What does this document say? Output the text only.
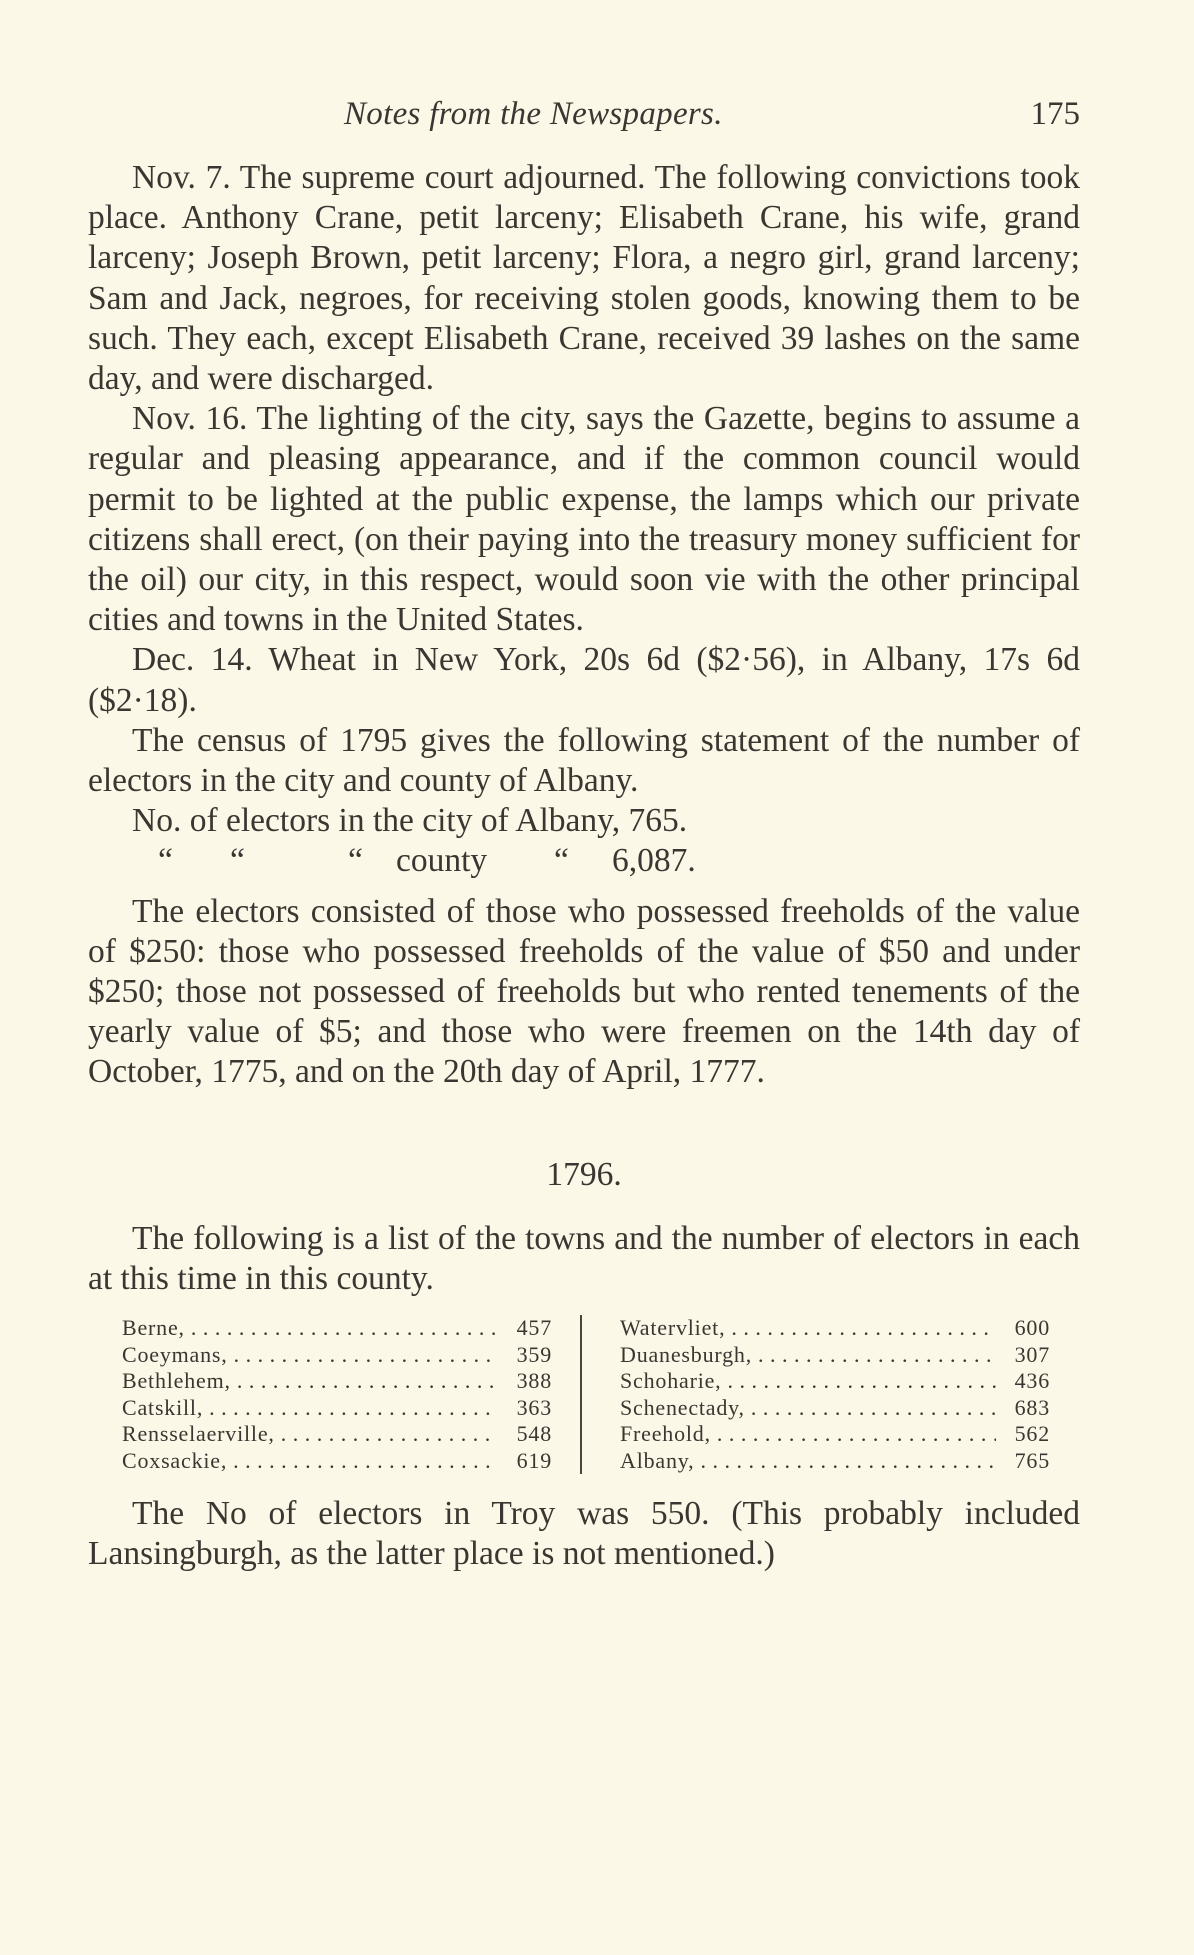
Notes from the Newspapers.	175

Nov. 7. The supreme court adjourned. The following convictions took place. Anthony Crane, petit larceny; Elisabeth Crane, his wife, grand larceny; Joseph Brown, petit larceny; Flora, a negro girl, grand larceny; Sam and Jack, negroes, for receiving stolen goods, knowing them to be such. They each, except Elisabeth Crane, received 39 lashes on the same day, and were discharged.

Nov. 16. The lighting of the city, says the Gazette, begins to assume a regular and pleasing appearance, and if the common council would permit to be lighted at the public expense, the lamps which our private citizens shall erect, (on their paying into the treasury money sufficient for the oil) our city, in this respect, would soon vie with the other principal cities and towns in the United States.

Dec. 14. Wheat in New York, 20s 6d ($2·56), in Albany, 17s 6d ($2·18).

The census of 1795 gives the following statement of the number of electors in the city and county of Albany.

No. of electors in the city of Albany, 765.

“	“	“ county	“	6,087.

The electors consisted of those who possessed freeholds of the value of $250: those who possessed freeholds of the value of $50 and under $250; those not possessed of freeholds but who rented tenements of the yearly value of $5; and those who were freemen on the 14th day of October, 1775, and on the 20th day of April, 1777.

1796.

The following is a list of the towns and the number of electors in each at this time in this county.

Berne, . . .	457
Coeymans, . . .	359
Bethlehem, . . .	388
Catskill, . . .	363
Rensselaerville, . . .	548
Coxsackie, . . .	619
Watervliet, . . .	600
Duanesburgh, . . .	307
Schoharie, . . .	436
Schenectady, . . .	683
Freehold, . . .	562
Albany, . . .	765

The No of electors in Troy was 550. (This probably included Lansingburgh, as the latter place is not mentioned.)
